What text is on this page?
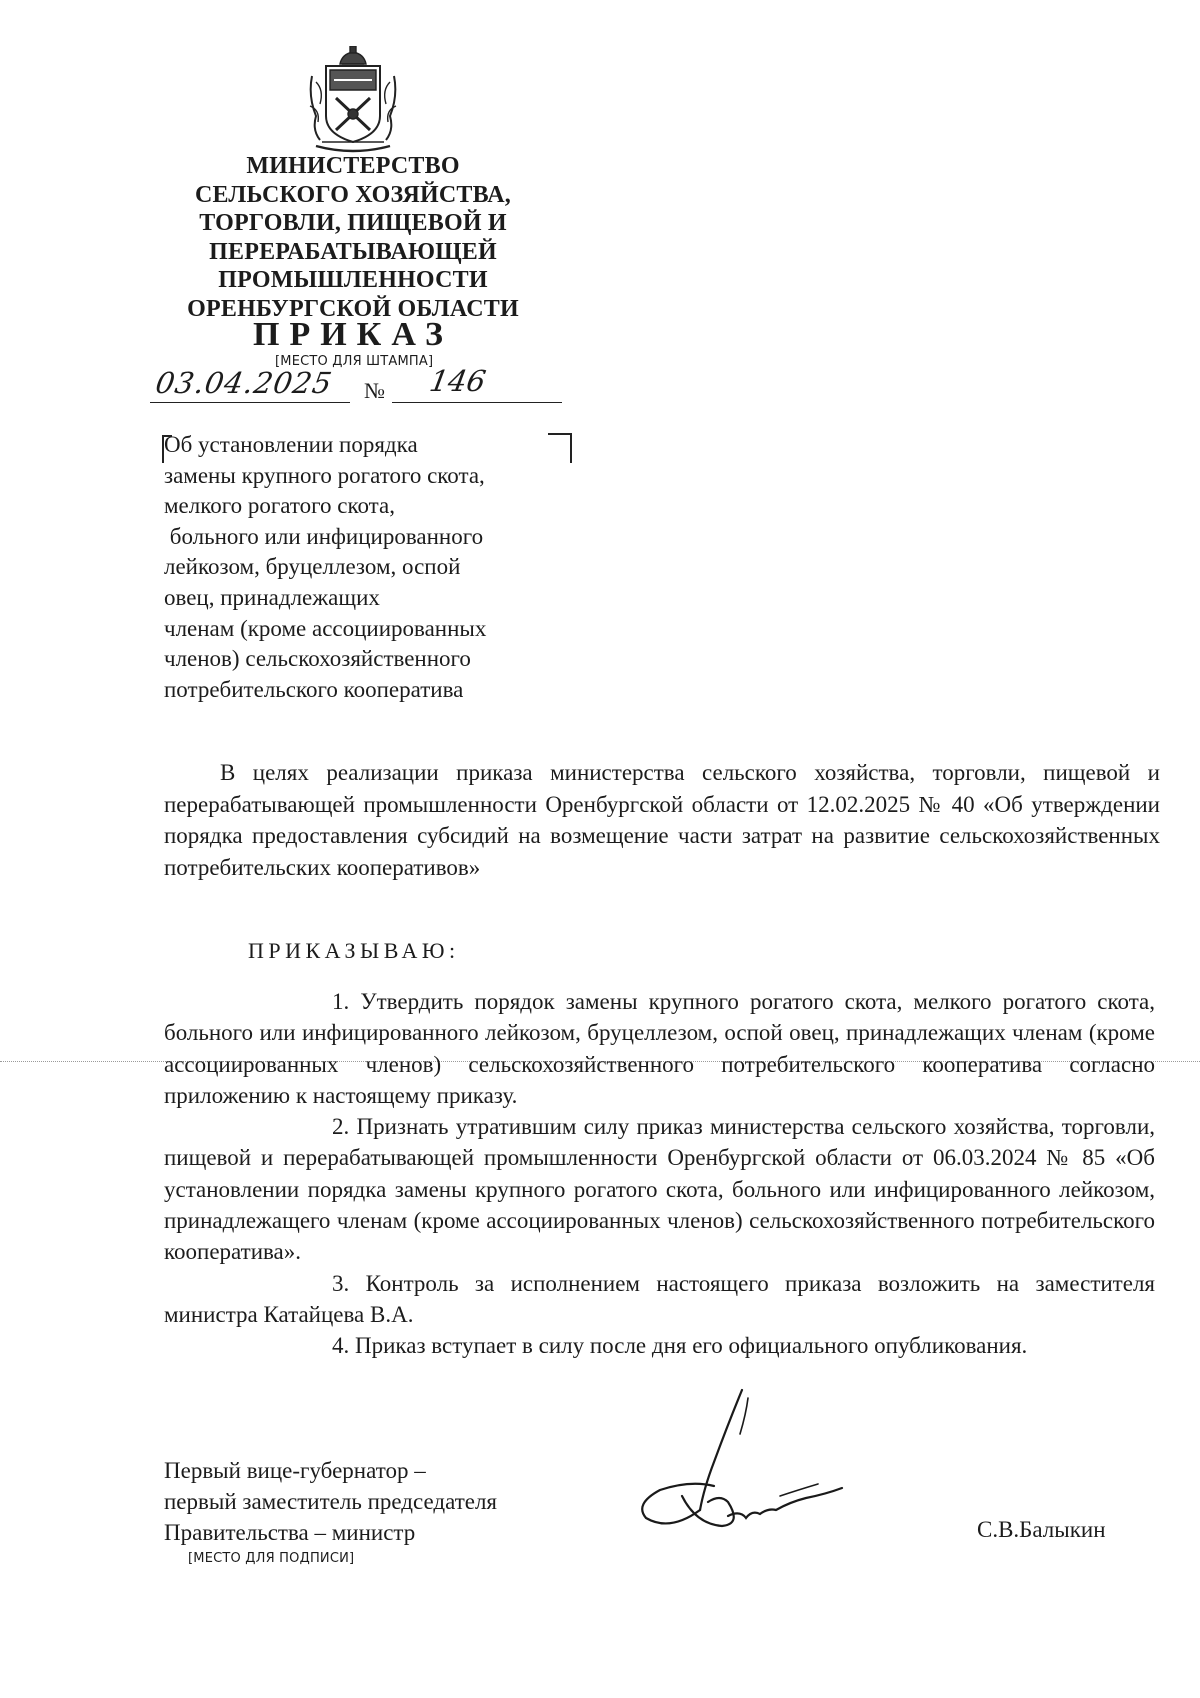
МИНИСТЕРСТВО
СЕЛЬСКОГО ХОЗЯЙСТВА,
ТОРГОВЛИ, ПИЩЕВОЙ И
ПЕРЕРАБАТЫВАЮЩЕЙ
ПРОМЫШЛЕННОСТИ
ОРЕНБУРГСКОЙ ОБЛАСТИ
ПРИКАЗ
[МЕСТО ДЛЯ ШТАМПА]
03.04.2025 № 146
Об установлении порядка
замены крупного рогатого скота,
мелкого рогатого скота,
больного или инфицированного
лейкозом, бруцеллезом, оспой
овец, принадлежащих
членам (кроме ассоциированных
членов) сельскохозяйственного
потребительского кооператива

В целях реализации приказа министерства сельского хозяйства, торговли, пищевой и перерабатывающей промышленности Оренбургской области от 12.02.2025 № 40 «Об утверждении порядка предоставления субсидий на возмещение части затрат на развитие сельскохозяйственных потребительских кооперативов»

ПРИКАЗЫВАЮ:

1. Утвердить порядок замены крупного рогатого скота, мелкого рогатого скота, больного или инфицированного лейкозом, бруцеллезом, оспой овец, принадлежащих членам (кроме ассоциированных членов) сельскохозяйственного потребительского кооператива согласно приложению к настоящему приказу.

2. Признать утратившим силу приказ министерства сельского хозяйства, торговли, пищевой и перерабатывающей промышленности Оренбургской области от 06.03.2024 № 85 «Об установлении порядка замены крупного рогатого скота, больного или инфицированного лейкозом, принадлежащего членам (кроме ассоциированных членов) сельскохозяйственного потребительского кооператива».

3. Контроль за исполнением настоящего приказа возложить на заместителя министра Катайцева В.А.

4. Приказ вступает в силу после дня его официального опубликования.

Первый вице-губернатор –
первый заместитель председателя
Правительства – министр	С.В.Балыкин
[МЕСТО ДЛЯ ПОДПИСИ]
